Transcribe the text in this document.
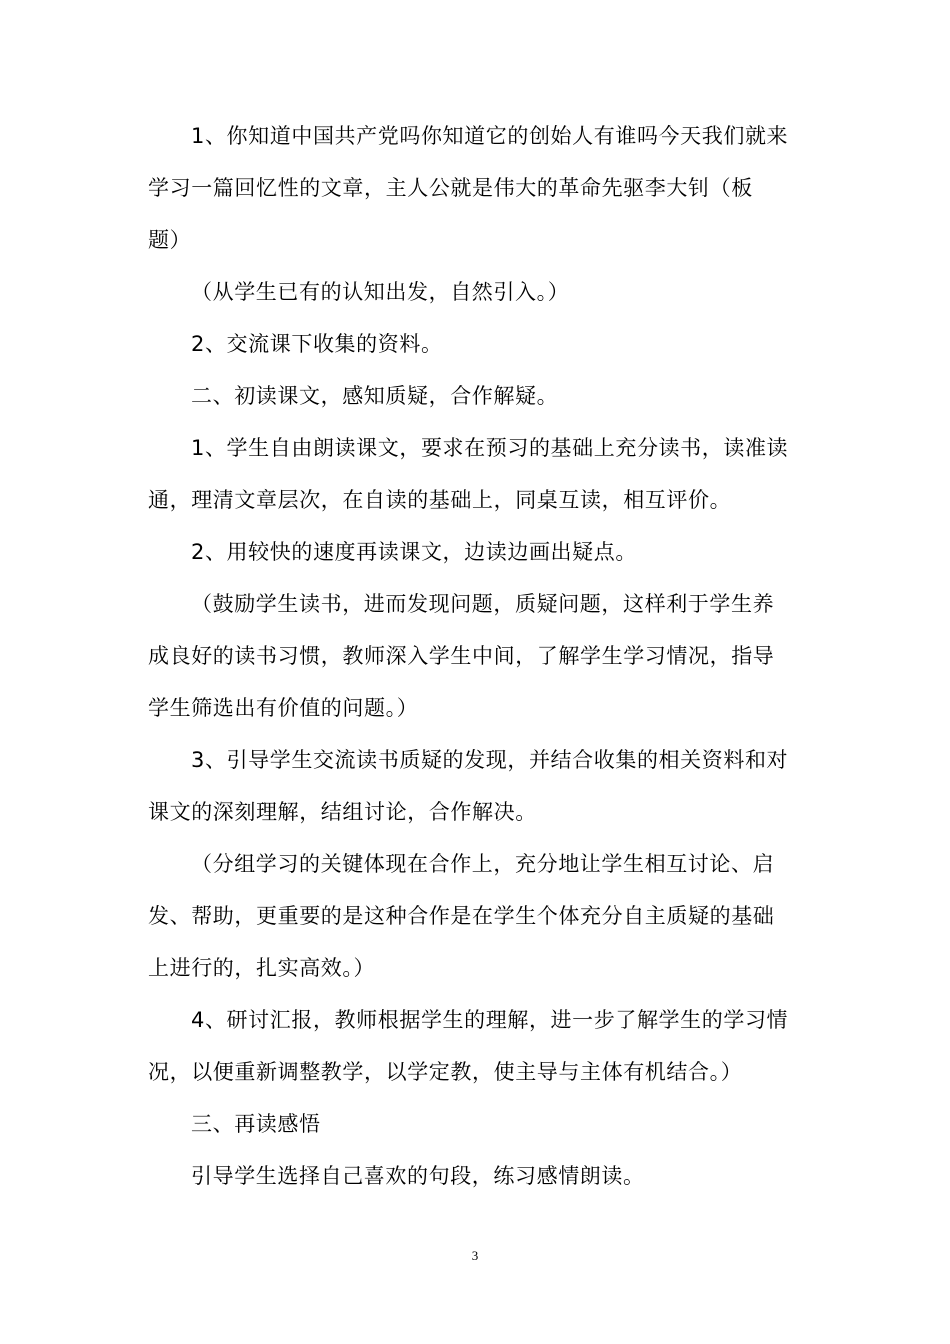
1、你知道中国共产党吗你知道它的创始人有谁吗今天我们就来
学习一篇回忆性的文章，主人公就是伟大的革命先驱李大钊（板
题）
（从学生已有的认知出发，自然引入。）
2、交流课下收集的资料。
二、初读课文，感知质疑，合作解疑。
1、学生自由朗读课文，要求在预习的基础上充分读书，读准读
通，理清文章层次，在自读的基础上，同桌互读，相互评价。
2、用较快的速度再读课文，边读边画出疑点。
（鼓励学生读书，进而发现问题，质疑问题，这样利于学生养
成良好的读书习惯，教师深入学生中间，了解学生学习情况，指导
学生筛选出有价值的问题。）
3、引导学生交流读书质疑的发现，并结合收集的相关资料和对
课文的深刻理解，结组讨论，合作解决。
（分组学习的关键体现在合作上，充分地让学生相互讨论、启
发、帮助，更重要的是这种合作是在学生个体充分自主质疑的基础
上进行的，扎实高效。）
4、研讨汇报，教师根据学生的理解，进一步了解学生的学习情
况，以便重新调整教学，以学定教，使主导与主体有机结合。）
三、再读感悟
引导学生选择自己喜欢的句段，练习感情朗读。
3
